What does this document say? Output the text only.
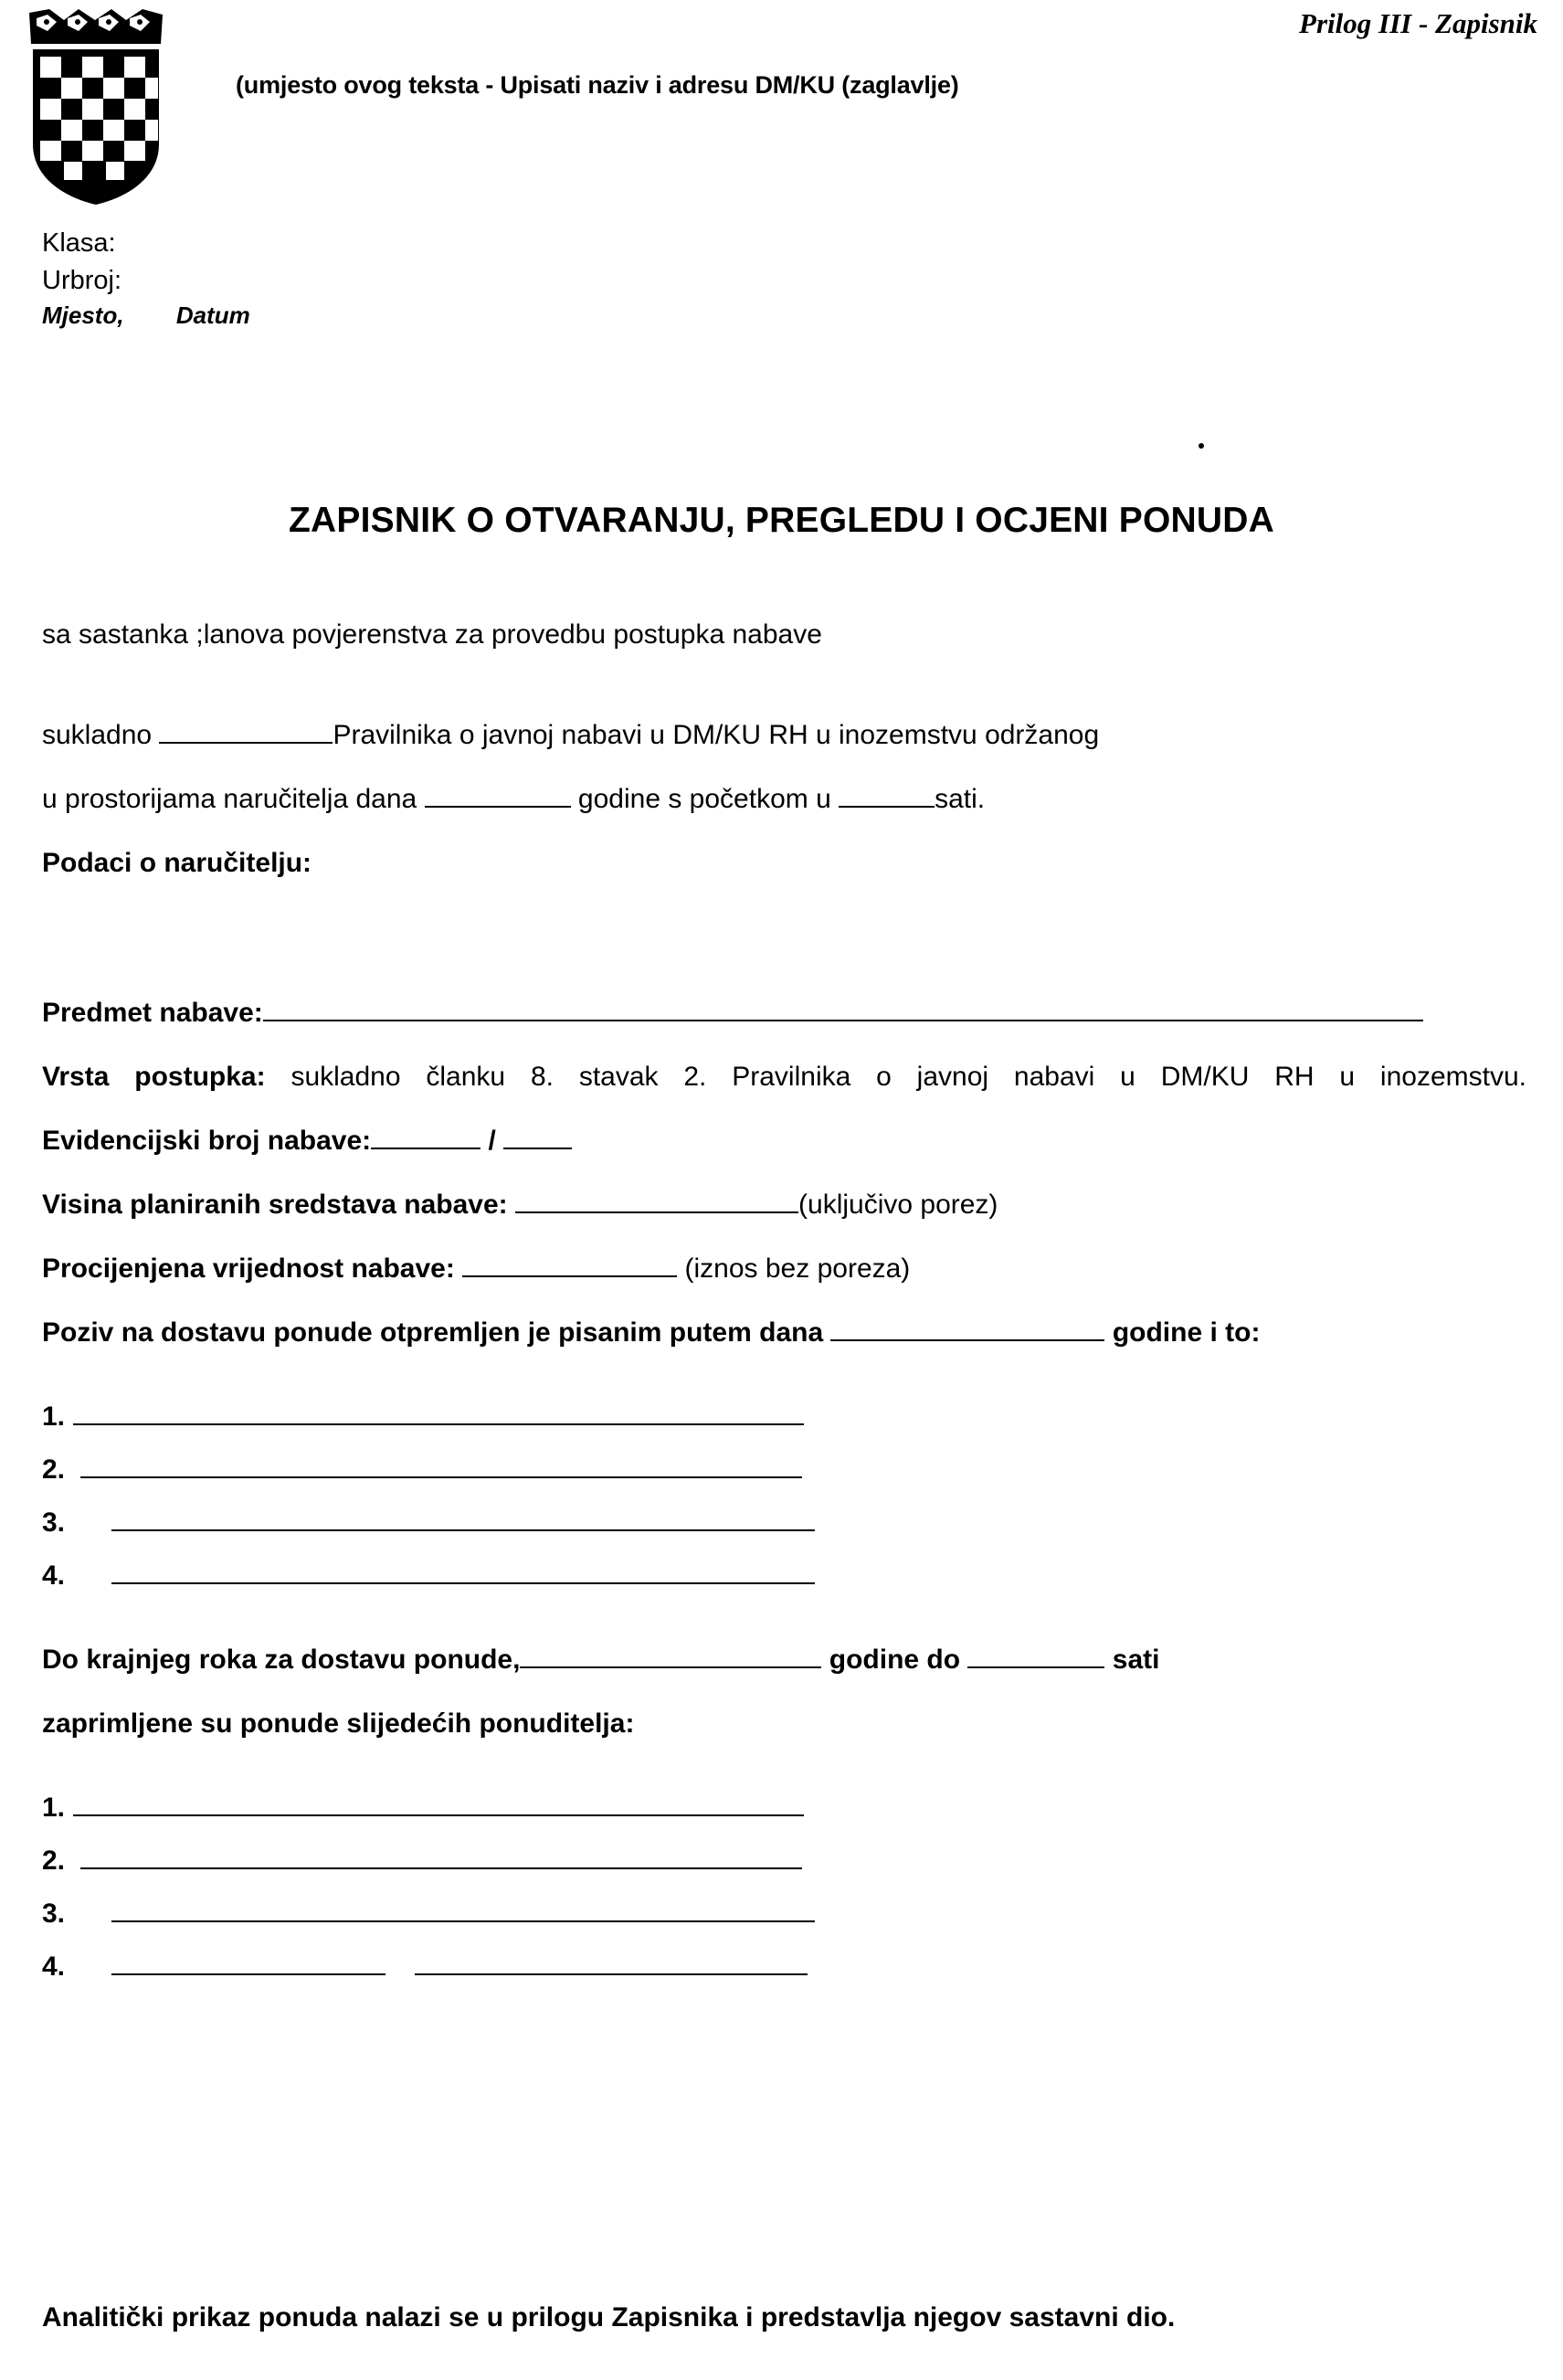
Prilog III - Zapisnik
(umjesto ovog teksta - Upisati naziv i adresu DM/KU (zaglavlje)
Klasa:
Urbroj:
Mjesto, Datum
ZAPISNIK O OTVARANJU, PREGLEDU I OCJENI PONUDA
sa sastanka ;lanova povjerenstva za provedbu postupka nabave
sukladno	Pravilnika o javnoj nabavi u DM/KU RH u inozemstvu održanog
u prostorijama naručitelja dana	godine s početkom u	sati.
Podaci o naručitelju:
Predmet nabave:
Vrsta postupka: sukladno članku 8. stavak 2. Pravilnika o javnoj nabavi u DM/KU RH u inozemstvu.
Evidencijski broj nabave:	/
Visina planiranih sredstava nabave:	(uključivo porez)
Procijenjena vrijednost nabave:	(iznos bez poreza)
Poziv na dostavu ponude otpremljen je pisanim putem dana	godine i to:
1.
2.
3.
4.
Do krajnjeg roka za dostavu ponude,	godine do	sati
zaprimljene su ponude slijedećih ponuditelja:
1.
2.
3.
4.
Analitički prikaz ponuda nalazi se u prilogu Zapisnika i predstavlja njegov sastavni dio.
